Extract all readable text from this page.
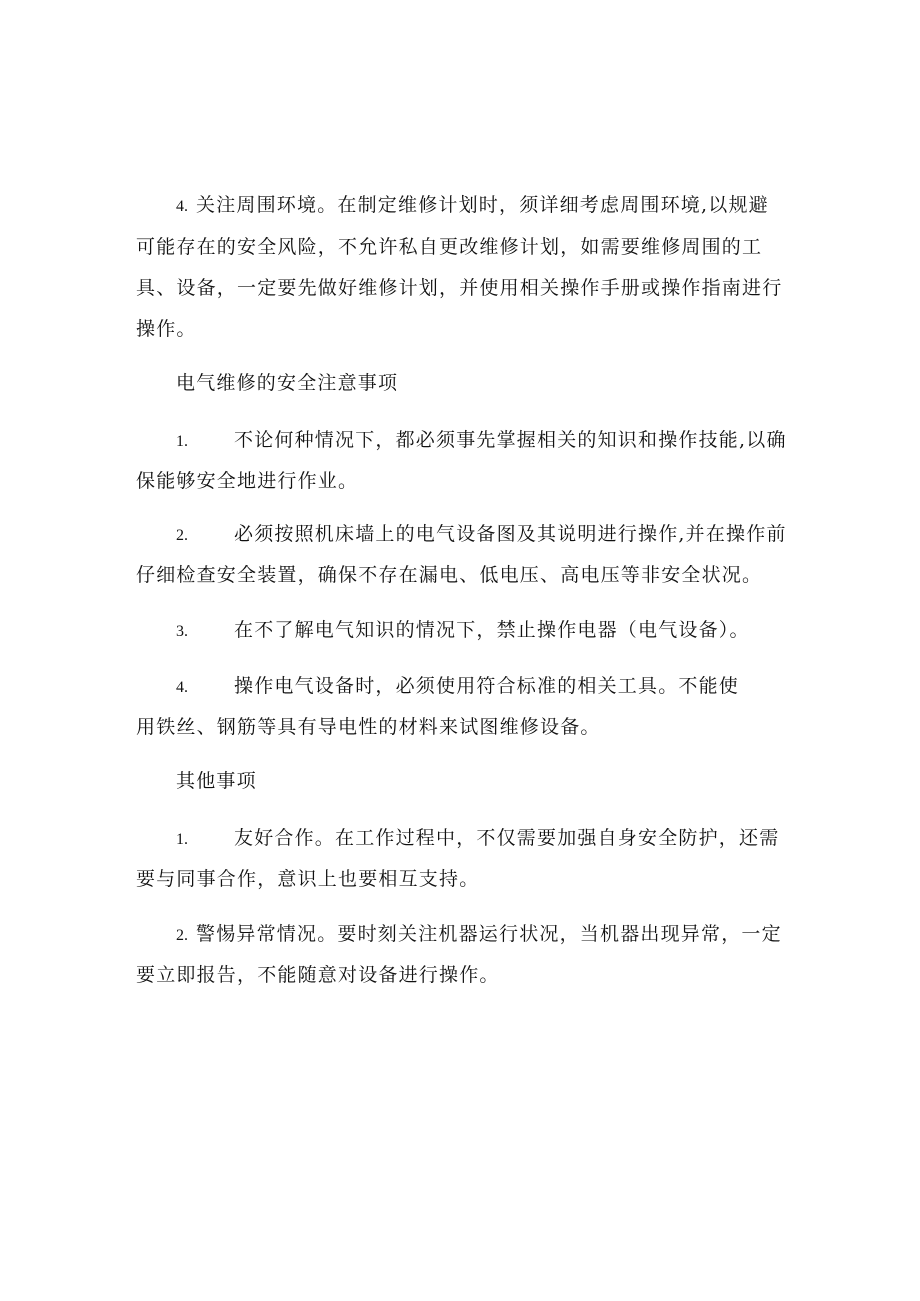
4. 关注周围环境。在制定维修计划时，须详细考虑周围环境,以规避
可能存在的安全风险，不允许私自更改维修计划，如需要维修周围的工
具、设备，一定要先做好维修计划，并使用相关操作手册或操作指南进行
操作。
电气维修的安全注意事项
1. 不论何种情况下，都必须事先掌握相关的知识和操作技能,以确
保能够安全地进行作业。
2. 必须按照机床墙上的电气设备图及其说明进行操作,并在操作前
仔细检查安全装置，确保不存在漏电、低电压、高电压等非安全状况。
3. 在不了解电气知识的情况下，禁止操作电器（电气设备）。
4. 操作电气设备时，必须使用符合标准的相关工具。不能使
用铁丝、钢筋等具有导电性的材料来试图维修设备。
其他事项
1. 友好合作。在工作过程中，不仅需要加强自身安全防护，还需
要与同事合作，意识上也要相互支持。
2. 警惕异常情况。要时刻关注机器运行状况，当机器出现异常，一定
要立即报告，不能随意对设备进行操作。
